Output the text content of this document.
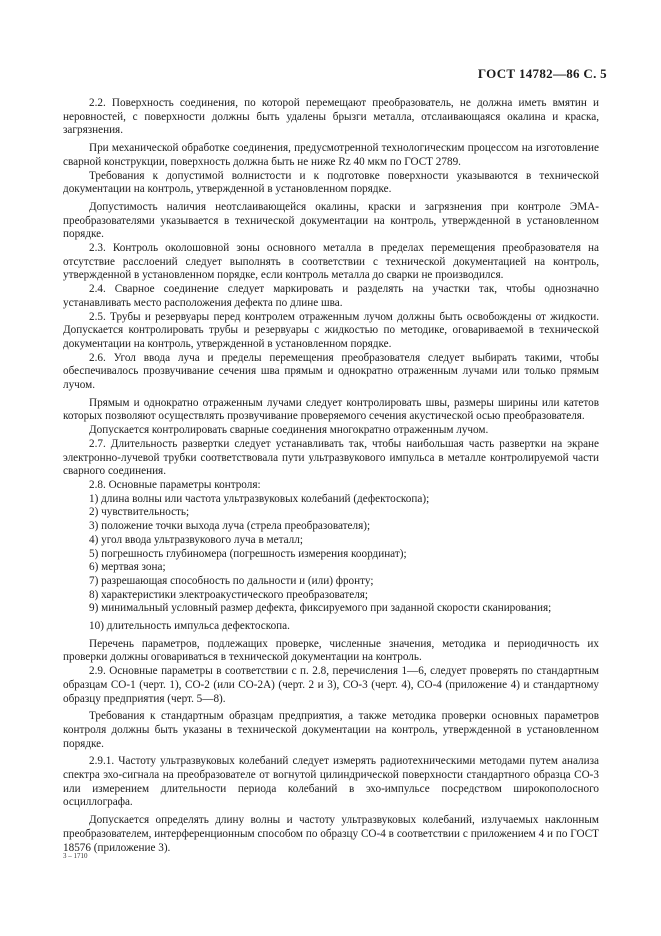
ГОСТ 14782—86 С. 5

2.2. Поверхность соединения, по которой перемещают преобразователь, не должна иметь вмятин и неровностей, с поверхности должны быть удалены брызги металла, отслаивающаяся окалина и краска, загрязнения.

При механической обработке соединения, предусмотренной технологическим процессом на изготовление сварной конструкции, поверхность должна быть не ниже Rz 40 мкм по ГОСТ 2789.

Требования к допустимой волнистости и к подготовке поверхности указываются в технической документации на контроль, утвержденной в установленном порядке.

Допустимость наличия неотслаивающейся окалины, краски и загрязнения при контроле ЭМА-преобразователями указывается в технической документации на контроль, утвержденной в установленном порядке.

2.3. Контроль околошовной зоны основного металла в пределах перемещения преобразователя на отсутствие расслоений следует выполнять в соответствии с технической документацией на контроль, утвержденной в установленном порядке, если контроль металла до сварки не производился.

2.4. Сварное соединение следует маркировать и разделять на участки так, чтобы однозначно устанавливать место расположения дефекта по длине шва.

2.5. Трубы и резервуары перед контролем отраженным лучом должны быть освобождены от жидкости. Допускается контролировать трубы и резервуары с жидкостью по методике, оговариваемой в технической документации на контроль, утвержденной в установленном порядке.

2.6. Угол ввода луча и пределы перемещения преобразователя следует выбирать такими, чтобы обеспечивалось прозвучивание сечения шва прямым и однократно отраженным лучами или только прямым лучом.

Прямым и однократно отраженным лучами следует контролировать швы, размеры ширины или катетов которых позволяют осуществлять прозвучивание проверяемого сечения акустической осью преобразователя.

Допускается контролировать сварные соединения многократно отраженным лучом.

2.7. Длительность развертки следует устанавливать так, чтобы наибольшая часть развертки на экране электронно-лучевой трубки соответствовала пути ультразвукового импульса в металле контролируемой части сварного соединения.

2.8. Основные параметры контроля:

1) длина волны или частота ультразвуковых колебаний (дефектоскопа);

2) чувствительность;

3) положение точки выхода луча (стрела преобразователя);

4) угол ввода ультразвукового луча в металл;

5) погрешность глубиномера (погрешность измерения координат);

6) мертвая зона;

7) разрешающая способность по дальности и (или) фронту;

8) характеристики электроакустического преобразователя;

9) минимальный условный размер дефекта, фиксируемого при заданной скорости сканирования;

10) длительность импульса дефектоскопа.

Перечень параметров, подлежащих проверке, численные значения, методика и периодичность их проверки должны оговариваться в технической документации на контроль.

2.9. Основные параметры в соответствии с п. 2.8, перечисления 1—6, следует проверять по стандартным образцам СО-1 (черт. 1), СО-2 (или СО-2А) (черт. 2 и 3), СО-3 (черт. 4), СО-4 (приложение 4) и стандартному образцу предприятия (черт. 5—8).

Требования к стандартным образцам предприятия, а также методика проверки основных параметров контроля должны быть указаны в технической документации на контроль, утвержденной в установленном порядке.

2.9.1. Частоту ультразвуковых колебаний следует измерять радиотехническими методами путем анализа спектра эхо-сигнала на преобразователе от вогнутой цилиндрической поверхности стандартного образца СО-3 или измерением длительности периода колебаний в эхо-импульсе посредством широкополосного осциллографа.

Допускается определять длину волны и частоту ультразвуковых колебаний, излучаемых наклонным преобразователем, интерференционным способом по образцу СО-4 в соответствии с приложением 4 и по ГОСТ 18576 (приложение 3).

3 – 1710
